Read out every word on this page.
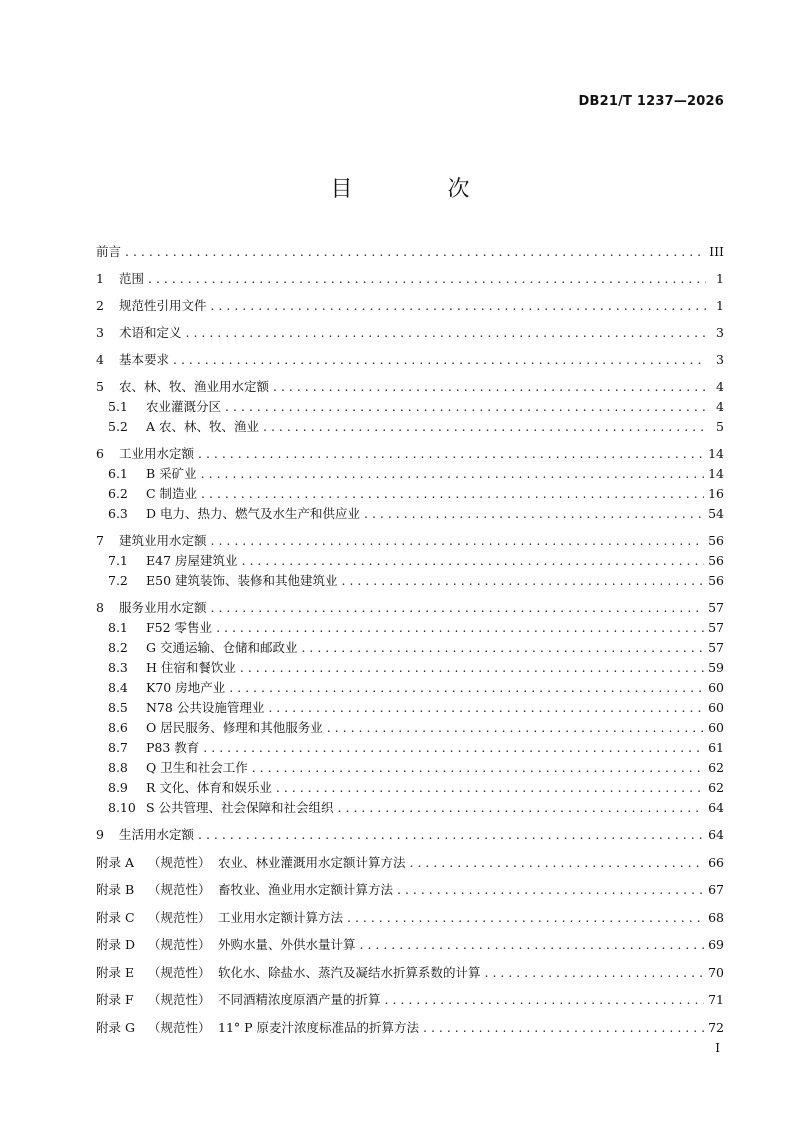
DB21/T 1237—2026
目 次
前言 . . .	III
1	范围 . . .	1
2	规范性引用文件 . . .	1
3	术语和定义 . . .	3
4	基本要求 . . .	3
5	农、林、牧、渔业用水定额 . . .	4
5.1	农业灌溉分区 . . .	4
5.2	A 农、林、牧、渔业 . . .	5
6	工业用水定额 . . .	14
6.1	B 采矿业 . . .	14
6.2	C 制造业 . . .	16
6.3	D 电力、热力、燃气及水生产和供应业 . . .	54
7	建筑业用水定额 . . .	56
7.1	E47 房屋建筑业 . . .	56
7.2	E50 建筑装饰、装修和其他建筑业 . . .	56
8	服务业用水定额 . . .	57
8.1	F52 零售业 . . .	57
8.2	G 交通运输、仓储和邮政业 . . .	57
8.3	H 住宿和餐饮业 . . .	59
8.4	K70 房地产业 . . .	60
8.5	N78 公共设施管理业 . . .	60
8.6	O 居民服务、修理和其他服务业 . . .	60
8.7	P83 教育 . . .	61
8.8	Q 卫生和社会工作 . . .	62
8.9	R 文化、体育和娱乐业 . . .	62
8.10 S 公共管理、社会保障和社会组织 . . .	64
9	生活用水定额 . . .	64
附录 A	（规范性） 农业、林业灌溉用水定额计算方法 . . .	66
附录 B	（规范性） 畜牧业、渔业用水定额计算方法 . . .	67
附录 C	（规范性） 工业用水定额计算方法 . . .	68
附录 D	（规范性） 外购水量、外供水量计算 . . .	69
附录 E	（规范性） 软化水、除盐水、蒸汽及凝结水折算系数的计算 . . .	70
附录 F	（规范性） 不同酒精浓度原酒产量的折算 . . .	71
附录 G	（规范性） 11° P 原麦汁浓度标准品的折算方法 . . .	72
I
